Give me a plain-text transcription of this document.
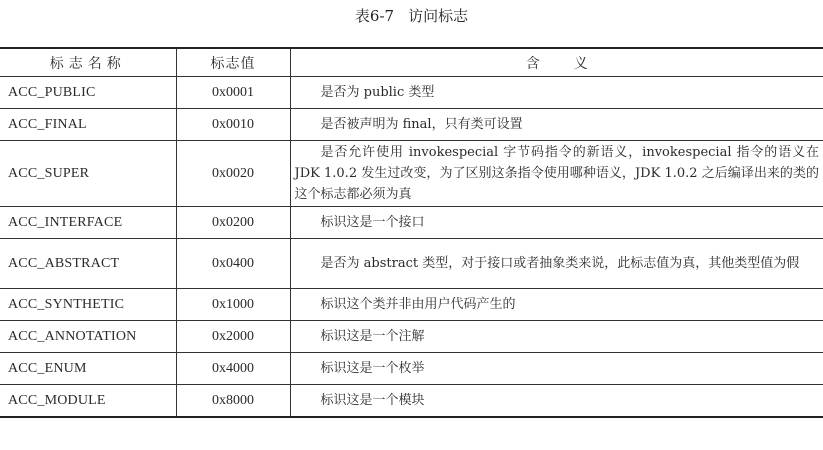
表6-7 访问标志
标志名称	标志值	含 义
ACC_PUBLIC	0x0001	是否为 public 类型
ACC_FINAL	0x0010	是否被声明为 final，只有类可设置
ACC_SUPER	0x0020	是否允许使用 invokespecial 字节码指令的新语义，invokespecial 指令的语义在 JDK 1.0.2 发生过改变，为了区别这条指令使用哪种语义，JDK 1.0.2 之后编译出来的类的这个标志都必须为真
ACC_INTERFACE	0x0200	标识这是一个接口
ACC_ABSTRACT	0x0400	是否为 abstract 类型，对于接口或者抽象类来说，此标志值为真，其他类型值为假
ACC_SYNTHETIC	0x1000	标识这个类并非由用户代码产生的
ACC_ANNOTATION	0x2000	标识这是一个注解
ACC_ENUM	0x4000	标识这是一个枚举
ACC_MODULE	0x8000	标识这是一个模块
